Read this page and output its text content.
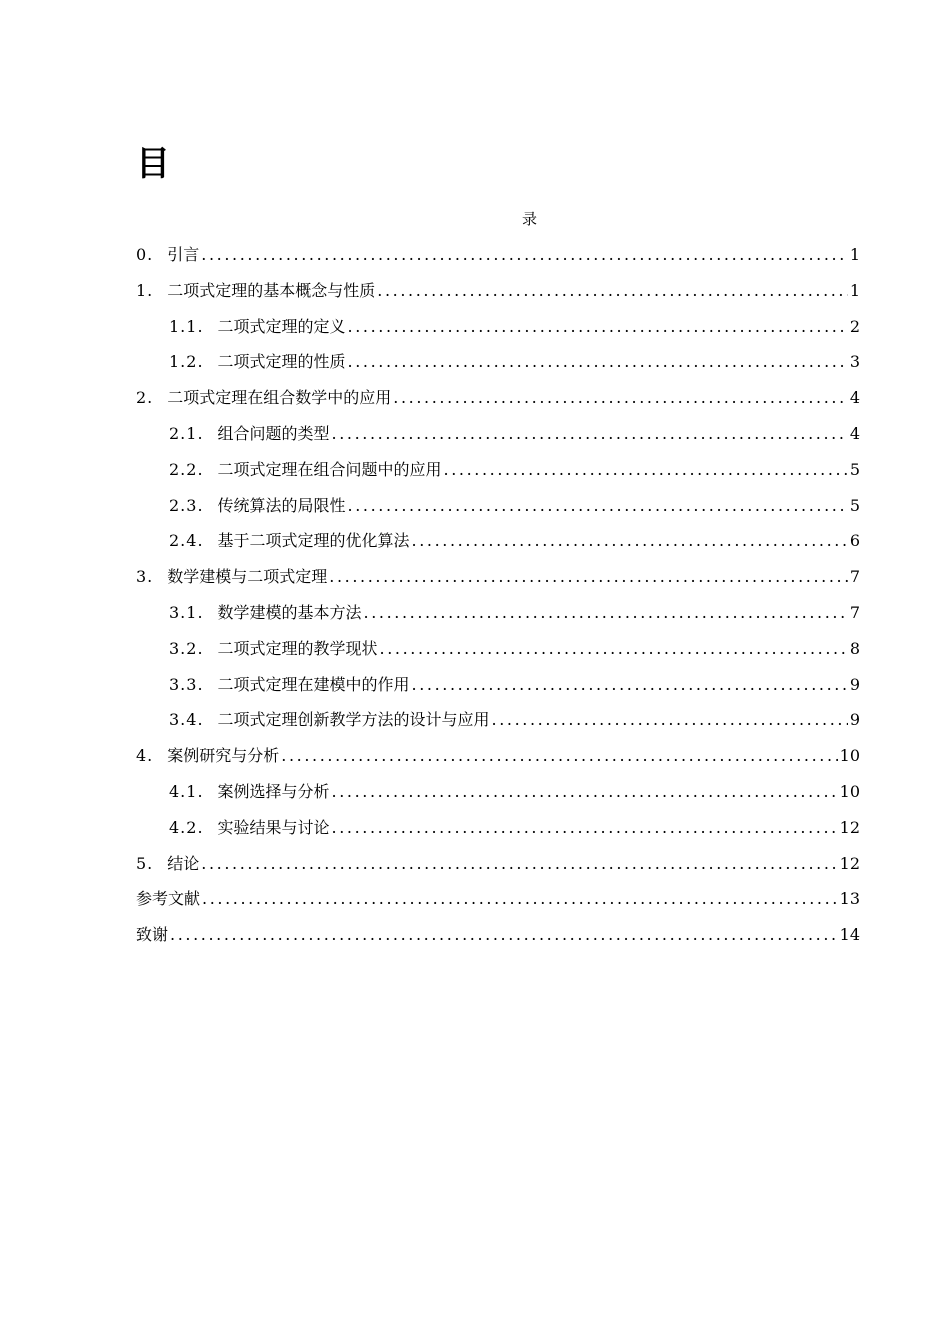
目
录
0. 引言 .....	1
1. 二项式定理的基本概念与性质 .....	1
1.1. 二项式定理的定义 .....	2
1.2. 二项式定理的性质 .....	3
2. 二项式定理在组合数学中的应用 .....	4
2.1. 组合问题的类型 .....	4
2.2. 二项式定理在组合问题中的应用 .....	5
2.3. 传统算法的局限性 .....	5
2.4. 基于二项式定理的优化算法 .....	6
3. 数学建模与二项式定理 .....	7
3.1. 数学建模的基本方法 .....	7
3.2. 二项式定理的教学现状 .....	8
3.3. 二项式定理在建模中的作用 .....	9
3.4. 二项式定理创新教学方法的设计与应用 .....	9
4. 案例研究与分析 .....	10
4.1. 案例选择与分析 .....	10
4.2. 实验结果与讨论 .....	12
5. 结论 .....	12
参考文献 .....	13
致谢 .....	14
